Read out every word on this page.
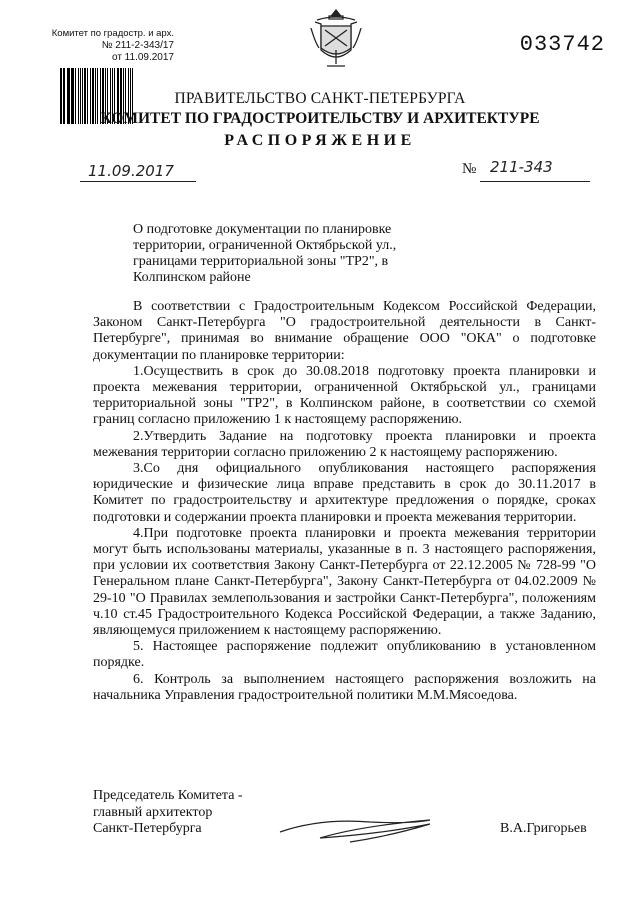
Комитет по градостр. и арх.
№ 211-2-343/17
от 11.09.2017
033742
ПРАВИТЕЛЬСТВО САНКТ-ПЕТЕРБУРГА
КОМИТЕТ ПО ГРАДОСТРОИТЕЛЬСТВУ И АРХИТЕКТУРЕ
РАСПОРЯЖЕНИЕ
11.09.2017	№ 211-343
О подготовке документации по планировке территории, ограниченной Октябрьской ул., границами территориальной зоны "ТР2", в Колпинском районе

В соответствии с Градостроительным Кодексом Российской Федерации, Законом Санкт-Петербурга "О градостроительной деятельности в Санкт-Петербурге", принимая во внимание обращение ООО "ОКА" о подготовке документации по планировке территории:

1.Осуществить в срок до 30.08.2018 подготовку проекта планировки и проекта межевания территории, ограниченной Октябрьской ул., границами территориальной зоны "ТР2", в Колпинском районе, в соответствии со схемой границ согласно приложению 1 к настоящему распоряжению.

2.Утвердить Задание на подготовку проекта планировки и проекта межевания территории согласно приложению 2 к настоящему распоряжению.

3.Со дня официального опубликования настоящего распоряжения юридические и физические лица вправе представить в срок до 30.11.2017 в Комитет по градостроительству и архитектуре предложения о порядке, сроках подготовки и содержании проекта планировки и проекта межевания территории.

4.При подготовке проекта планировки и проекта межевания территории могут быть использованы материалы, указанные в п. 3 настоящего распоряжения, при условии их соответствия Закону Санкт-Петербурга от 22.12.2005 № 728-99 "О Генеральном плане Санкт-Петербурга", Закону Санкт-Петербурга от 04.02.2009 № 29-10 "О Правилах землепользования и застройки Санкт-Петербурга", положениям ч.10 ст.45 Градостроительного Кодекса Российской Федерации, а также Заданию, являющемуся приложением к настоящему распоряжению.

5. Настоящее распоряжение подлежит опубликованию в установленном порядке.

6. Контроль за выполнением настоящего распоряжения возложить на начальника Управления градостроительной политики М.М.Мясоедова.

Председатель Комитета -
главный архитектор
Санкт-Петербурга	В.А.Григорьев
